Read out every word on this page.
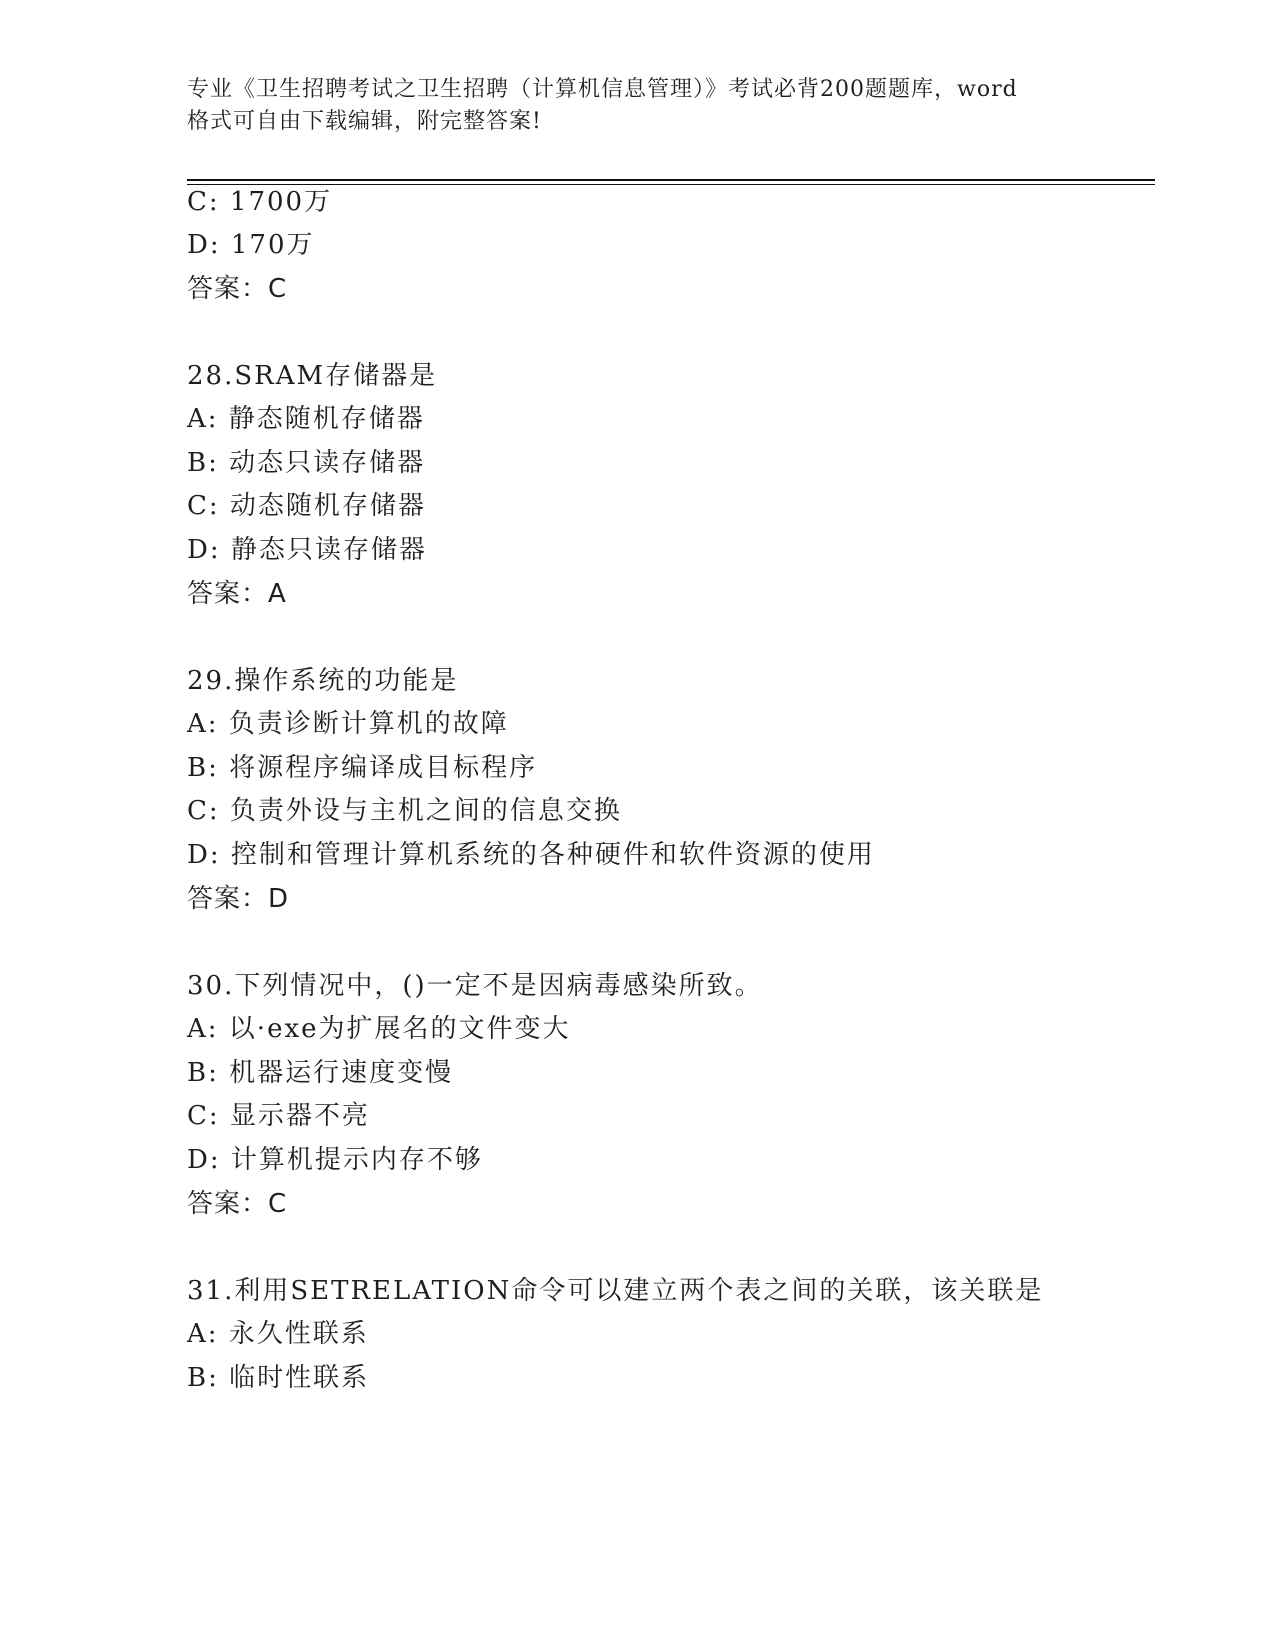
专业《卫生招聘考试之卫生招聘（计算机信息管理）》考试必背200题题库，word
格式可自由下载编辑，附完整答案!
C: 1700万
D: 170万
答案：C
28.SRAM存储器是
A: 静态随机存储器
B: 动态只读存储器
C: 动态随机存储器
D: 静态只读存储器
答案：A
29.操作系统的功能是
A: 负责诊断计算机的故障
B: 将源程序编译成目标程序
C: 负责外设与主机之间的信息交换
D: 控制和管理计算机系统的各种硬件和软件资源的使用
答案：D
30.下列情况中，()一定不是因病毒感染所致。
A: 以·exe为扩展名的文件变大
B: 机器运行速度变慢
C: 显示器不亮
D: 计算机提示内存不够
答案：C
31.利用SETRELATION命令可以建立两个表之间的关联，该关联是
A: 永久性联系
B: 临时性联系
